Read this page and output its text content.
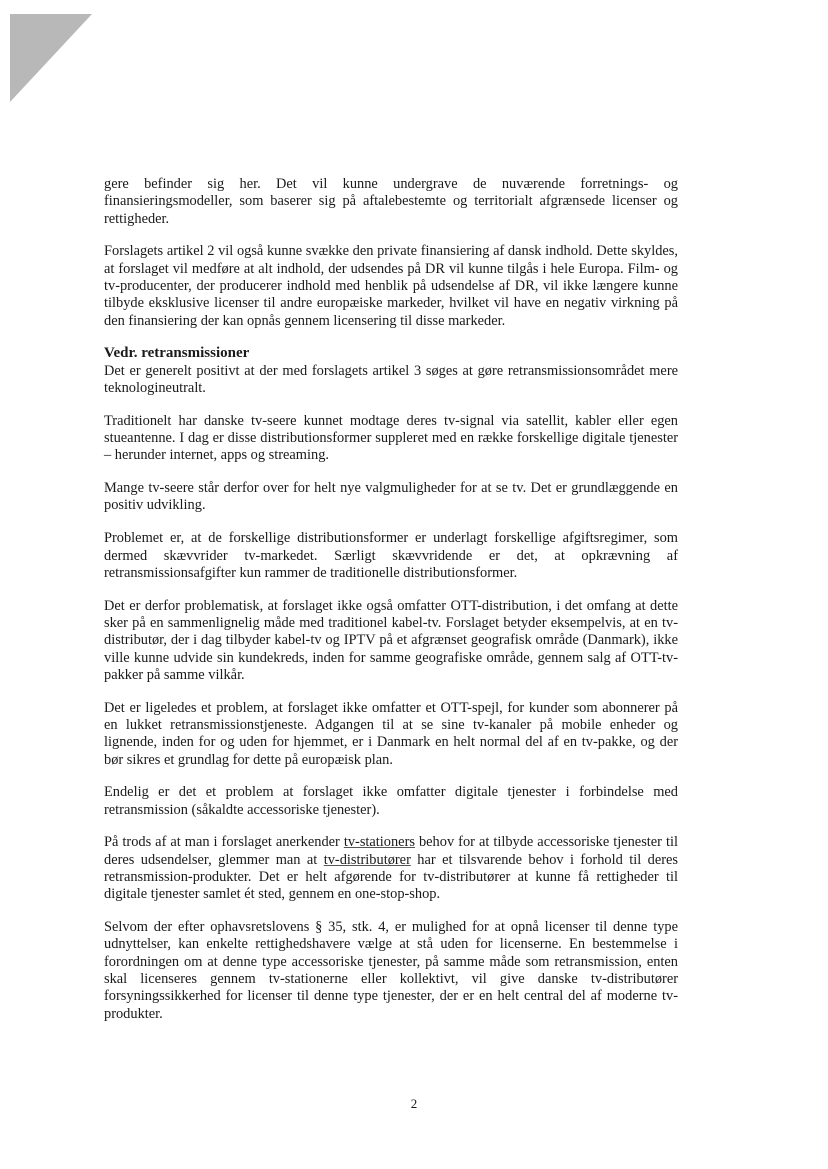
gere befinder sig her. Det vil kunne undergrave de nuværende forretnings- og finansieringsmodeller, som baserer sig på aftalebestemte og territorialt afgrænsede licenser og rettigheder.

Forslagets artikel 2 vil også kunne svække den private finansiering af dansk indhold. Dette skyldes, at forslaget vil medføre at alt indhold, der udsendes på DR vil kunne tilgås i hele Europa. Film- og tv-producenter, der producerer indhold med henblik på udsendelse af DR, vil ikke længere kunne tilbyde eksklusive licenser til andre europæiske markeder, hvilket vil have en negativ virkning på den finansiering der kan opnås gennem licensering til disse markeder.

Vedr. retransmissioner

Det er generelt positivt at der med forslagets artikel 3 søges at gøre retransmissionsområdet mere teknologineutralt.

Traditionelt har danske tv-seere kunnet modtage deres tv-signal via satellit, kabler eller egen stueantenne. I dag er disse distributionsformer suppleret med en række forskellige digitale tjenester – herunder internet, apps og streaming.

Mange tv-seere står derfor over for helt nye valgmuligheder for at se tv. Det er grundlæggende en positiv udvikling.

Problemet er, at de forskellige distributionsformer er underlagt forskellige afgiftsregimer, som dermed skævvrider tv-markedet. Særligt skævvridende er det, at opkrævning af retransmissionsafgifter kun rammer de traditionelle distributionsformer.

Det er derfor problematisk, at forslaget ikke også omfatter OTT-distribution, i det omfang at dette sker på en sammenlignelig måde med traditionel kabel-tv. Forslaget betyder eksempelvis, at en tv-distributør, der i dag tilbyder kabel-tv og IPTV på et afgrænset geografisk område (Danmark), ikke ville kunne udvide sin kundekreds, inden for samme geografiske område, gennem salg af OTT-tv-pakker på samme vilkår.

Det er ligeledes et problem, at forslaget ikke omfatter et OTT-spejl, for kunder som abonnerer på en lukket retransmissionstjeneste. Adgangen til at se sine tv-kanaler på mobile enheder og lignende, inden for og uden for hjemmet, er i Danmark en helt normal del af en tv-pakke, og der bør sikres et grundlag for dette på europæisk plan.

Endelig er det et problem at forslaget ikke omfatter digitale tjenester i forbindelse med retransmission (såkaldte accessoriske tjenester).

På trods af at man i forslaget anerkender tv-stationers behov for at tilbyde accessoriske tjenester til deres udsendelser, glemmer man at tv-distributører har et tilsvarende behov i forhold til deres retransmission-produkter. Det er helt afgørende for tv-distributører at kunne få rettigheder til digitale tjenester samlet ét sted, gennem en one-stop-shop.

Selvom der efter ophavsretslovens § 35, stk. 4, er mulighed for at opnå licenser til denne type udnyttelser, kan enkelte rettighedshavere vælge at stå uden for licenserne. En bestemmelse i forordningen om at denne type accessoriske tjenester, på samme måde som retransmission, enten skal licenseres gennem tv-stationerne eller kollektivt, vil give danske tv-distributører forsyningssikkerhed for licenser til denne type tjenester, der er en helt central del af moderne tv-produkter.

2
